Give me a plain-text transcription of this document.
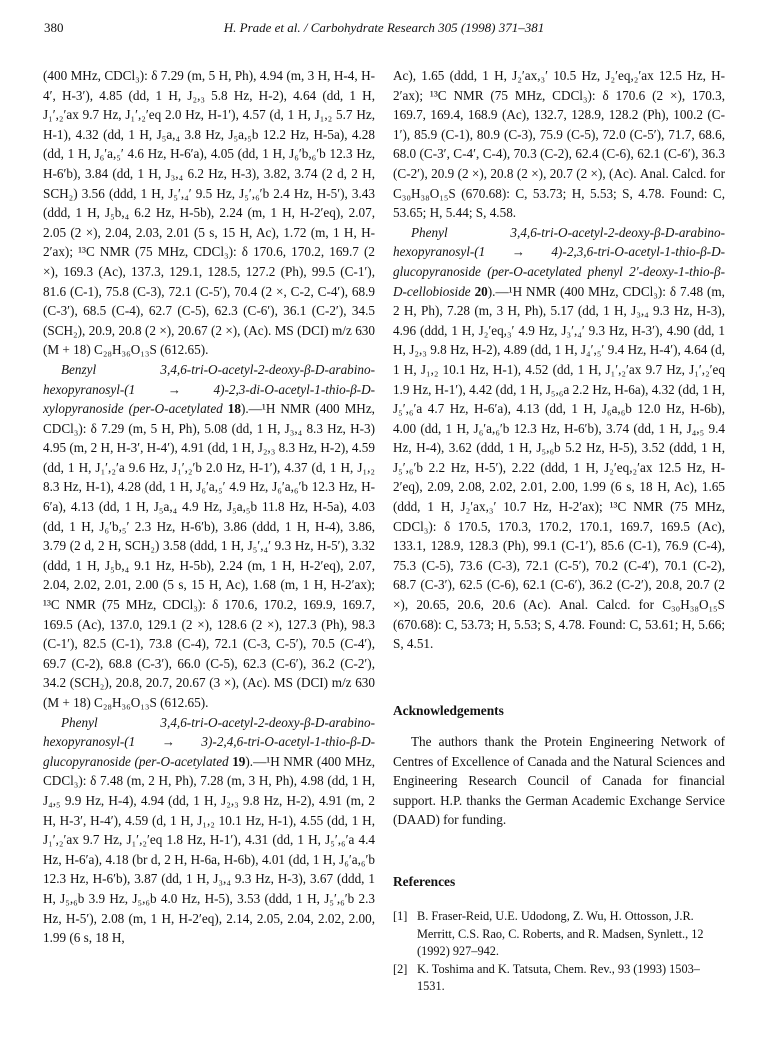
380	H. Prade et al. / Carbohydrate Research 305 (1998) 371–381

(400 MHz, CDCl₃): δ 7.29 (m, 5 H, Ph), 4.94 (m, 3 H, H-4, H-4′, H-3′), 4.85 (dd, 1 H, J₂,₃ 5.8 Hz, H-2), 4.64 (dd, 1 H, J₁′,₂′ax 9.7 Hz, J₁′,₂′eq 2.0 Hz, H-1′), 4.57 (d, 1 H, J₁,₂ 5.7 Hz, H-1), 4.32 (dd, 1 H, J₅a,₄ 3.8 Hz, J₅a,₅b 12.2 Hz, H-5a), 4.28 (dd, 1 H, J₆′a,₅′ 4.6 Hz, H-6′a), 4.05 (dd, 1 H, J₆′b,₆′b 12.3 Hz, H-6′b), 3.84 (dd, 1 H, J₃,₄ 6.2 Hz, H-3), 3.82, 3.74 (2 d, 2 H, SCH₂) 3.56 (ddd, 1 H, J₅′,₄′ 9.5 Hz, J₅′,₆′b 2.4 Hz, H-5′), 3.43 (ddd, 1 H, J₅b,₄ 6.2 Hz, H-5b), 2.24 (m, 1 H, H-2′eq), 2.07, 2.05 (2 ×), 2.04, 2.03, 2.01 (5 s, 15 H, Ac), 1.72 (m, 1 H, H-2′ax); ¹³C NMR (75 MHz, CDCl₃): δ 170.6, 170.2, 169.7 (2 ×), 169.3 (Ac), 137.3, 129.1, 128.5, 127.2 (Ph), 99.5 (C-1′), 81.6 (C-1), 75.8 (C-3), 72.1 (C-5′), 70.4 (2 ×, C-2, C-4′), 68.9 (C-3′), 68.5 (C-4), 62.7 (C-5), 62.3 (C-6′), 36.1 (C-2′), 34.5 (SCH₂), 20.9, 20.8 (2 ×), 20.67 (2 ×), (Ac). MS (DCI) m/z 630 (M + 18) C₂₈H₃₆O₁₃S (612.65).

Benzyl 3,4,6-tri-O-acetyl-2-deoxy-β-D-arabino-hexopyranosyl-(1 → 4)-2,3-di-O-acetyl-1-thio-β-D-xylopyranoside (per-O-acetylated 18).—¹H NMR (400 MHz, CDCl₃): δ 7.29 (m, 5 H, Ph), 5.08 (dd, 1 H, J₃,₄ 8.3 Hz, H-3) 4.95 (m, 2 H, H-3′, H-4′), 4.91 (dd, 1 H, J₂,₃ 8.3 Hz, H-2), 4.59 (dd, 1 H, J₁′,₂′a 9.6 Hz, J₁′,₂′b 2.0 Hz, H-1′), 4.37 (d, 1 H, J₁,₂ 8.3 Hz, H-1), 4.28 (dd, 1 H, J₆′a,₅′ 4.9 Hz, J₆′a,₆′b 12.3 Hz, H-6′a), 4.13 (dd, 1 H, J₅a,₄ 4.9 Hz, J₅a,₅b 11.8 Hz, H-5a), 4.03 (dd, 1 H, J₆′b,₅′ 2.3 Hz, H-6′b), 3.86 (ddd, 1 H, H-4), 3.86, 3.79 (2 d, 2 H, SCH₂) 3.58 (ddd, 1 H, J₅′,₄′ 9.3 Hz, H-5′), 3.32 (ddd, 1 H, J₅b,₄ 9.1 Hz, H-5b), 2.24 (m, 1 H, H-2′eq), 2.07, 2.04, 2.02, 2.01, 2.00 (5 s, 15 H, Ac), 1.68 (m, 1 H, H-2′ax); ¹³C NMR (75 MHz, CDCl₃): δ 170.6, 170.2, 169.9, 169.7, 169.5 (Ac), 137.0, 129.1 (2 ×), 128.6 (2 ×), 127.3 (Ph), 98.3 (C-1′), 82.5 (C-1), 73.8 (C-4), 72.1 (C-3, C-5′), 70.5 (C-4′), 69.7 (C-2), 68.8 (C-3′), 66.0 (C-5), 62.3 (C-6′), 36.2 (C-2′), 34.2 (SCH₂), 20.8, 20.7, 20.67 (3 ×), (Ac). MS (DCI) m/z 630 (M + 18) C₂₈H₃₆O₁₃S (612.65).

Phenyl 3,4,6-tri-O-acetyl-2-deoxy-β-D-arabino-hexopyranosyl-(1 → 3)-2,4,6-tri-O-acetyl-1-thio-β-D-glucopyranoside (per-O-acetylated 19).—¹H NMR (400 MHz, CDCl₃): δ 7.48 (m, 2 H, Ph), 7.28 (m, 3 H, Ph), 4.98 (dd, 1 H, J₄,₅ 9.9 Hz, H-4), 4.94 (dd, 1 H, J₂,₃ 9.8 Hz, H-2), 4.91 (m, 2 H, H-3′, H-4′), 4.59 (d, 1 H, J₁,₂ 10.1 Hz, H-1), 4.55 (dd, 1 H, J₁′,₂′ax 9.7 Hz, J₁′,₂′eq 1.8 Hz, H-1′), 4.31 (dd, 1 H, J₅′,₆′a 4.4 Hz, H-6′a), 4.18 (br d, 2 H, H-6a, H-6b), 4.01 (dd, 1 H, J₆′a,₆′b 12.3 Hz, H-6′b), 3.87 (dd, 1 H, J₃,₄ 9.3 Hz, H-3), 3.67 (ddd, 1 H, J₅,₆b 3.9 Hz, J₅,₆b 4.0 Hz, H-5), 3.53 (ddd, 1 H, J₅′,₆′b 2.3 Hz, H-5′), 2.08 (m, 1 H, H-2′eq), 2.14, 2.05, 2.04, 2.02, 2.00, 1.99 (6 s, 18 H,

Ac), 1.65 (ddd, 1 H, J₂′ax,₃′ 10.5 Hz, J₂′eq,₂′ax 12.5 Hz, H-2′ax); ¹³C NMR (75 MHz, CDCl₃): δ 170.6 (2 ×), 170.3, 169.7, 169.4, 168.9 (Ac), 132.7, 128.9, 128.2 (Ph), 100.2 (C-1′), 85.9 (C-1), 80.9 (C-3), 75.9 (C-5), 72.0 (C-5′), 71.7, 68.6, 68.0 (C-3′, C-4′, C-4), 70.3 (C-2), 62.4 (C-6), 62.1 (C-6′), 36.3 (C-2′), 20.9 (2 ×), 20.8 (2 ×), 20.7 (2 ×), (Ac). Anal. Calcd. for C₃₀H₃₈O₁₅S (670.68): C, 53.73; H, 5.53; S, 4.78. Found: C, 53.65; H, 5.44; S, 4.58.

Phenyl 3,4,6-tri-O-acetyl-2-deoxy-β-D-arabino-hexopyranosyl-(1 → 4)-2,3,6-tri-O-acetyl-1-thio-β-D-glucopyranoside (per-O-acetylated phenyl 2′-deoxy-1-thio-β-D-cellobioside 20).—¹H NMR (400 MHz, CDCl₃): δ 7.48 (m, 2 H, Ph), 7.28 (m, 3 H, Ph), 5.17 (dd, 1 H, J₃,₄ 9.3 Hz, H-3), 4.96 (ddd, 1 H, J₂′eq,₃′ 4.9 Hz, J₃′,₄′ 9.3 Hz, H-3′), 4.90 (dd, 1 H, J₂,₃ 9.8 Hz, H-2), 4.89 (dd, 1 H, J₄′,₅′ 9.4 Hz, H-4′), 4.64 (d, 1 H, J₁,₂ 10.1 Hz, H-1), 4.52 (dd, 1 H, J₁′,₂′ax 9.7 Hz, J₁′,₂′eq 1.9 Hz, H-1′), 4.42 (dd, 1 H, J₅,₆a 2.2 Hz, H-6a), 4.32 (dd, 1 H, J₅′,₆′a 4.7 Hz, H-6′a), 4.13 (dd, 1 H, J₆a,₆b 12.0 Hz, H-6b), 4.00 (dd, 1 H, J₆′a,₆′b 12.3 Hz, H-6′b), 3.74 (dd, 1 H, J₄,₅ 9.4 Hz, H-4), 3.62 (ddd, 1 H, J₅,₆b 5.2 Hz, H-5), 3.52 (ddd, 1 H, J₅′,₆′b 2.2 Hz, H-5′), 2.22 (ddd, 1 H, J₂′eq,₂′ax 12.5 Hz, H-2′eq), 2.09, 2.08, 2.02, 2.01, 2.00, 1.99 (6 s, 18 H, Ac), 1.65 (ddd, 1 H, J₂′ax,₃′ 10.7 Hz, H-2′ax); ¹³C NMR (75 MHz, CDCl₃): δ 170.5, 170.3, 170.2, 170.1, 169.7, 169.5 (Ac), 133.1, 128.9, 128.3 (Ph), 99.1 (C-1′), 85.6 (C-1), 76.9 (C-4), 75.3 (C-5), 73.6 (C-3), 72.1 (C-5′), 70.2 (C-4′), 70.1 (C-2), 68.7 (C-3′), 62.5 (C-6), 62.1 (C-6′), 36.2 (C-2′), 20.8, 20.7 (2 ×), 20.65, 20.6, 20.6 (Ac). Anal. Calcd. for C₃₀H₃₈O₁₅S (670.68): C, 53.73; H, 5.53; S, 4.78. Found: C, 53.61; H, 5.66; S, 4.51.

Acknowledgements

The authors thank the Protein Engineering Network of Centres of Excellence of Canada and the Natural Sciences and Engineering Research Council of Canada for financial support. H.P. thanks the German Academic Exchange Service (DAAD) for funding.

References

[1] B. Fraser-Reid, U.E. Udodong, Z. Wu, H. Ottosson, J.R. Merritt, C.S. Rao, C. Roberts, and R. Madsen, Synlett., 12 (1992) 927–942.

[2] K. Toshima and K. Tatsuta, Chem. Rev., 93 (1993) 1503–1531.
